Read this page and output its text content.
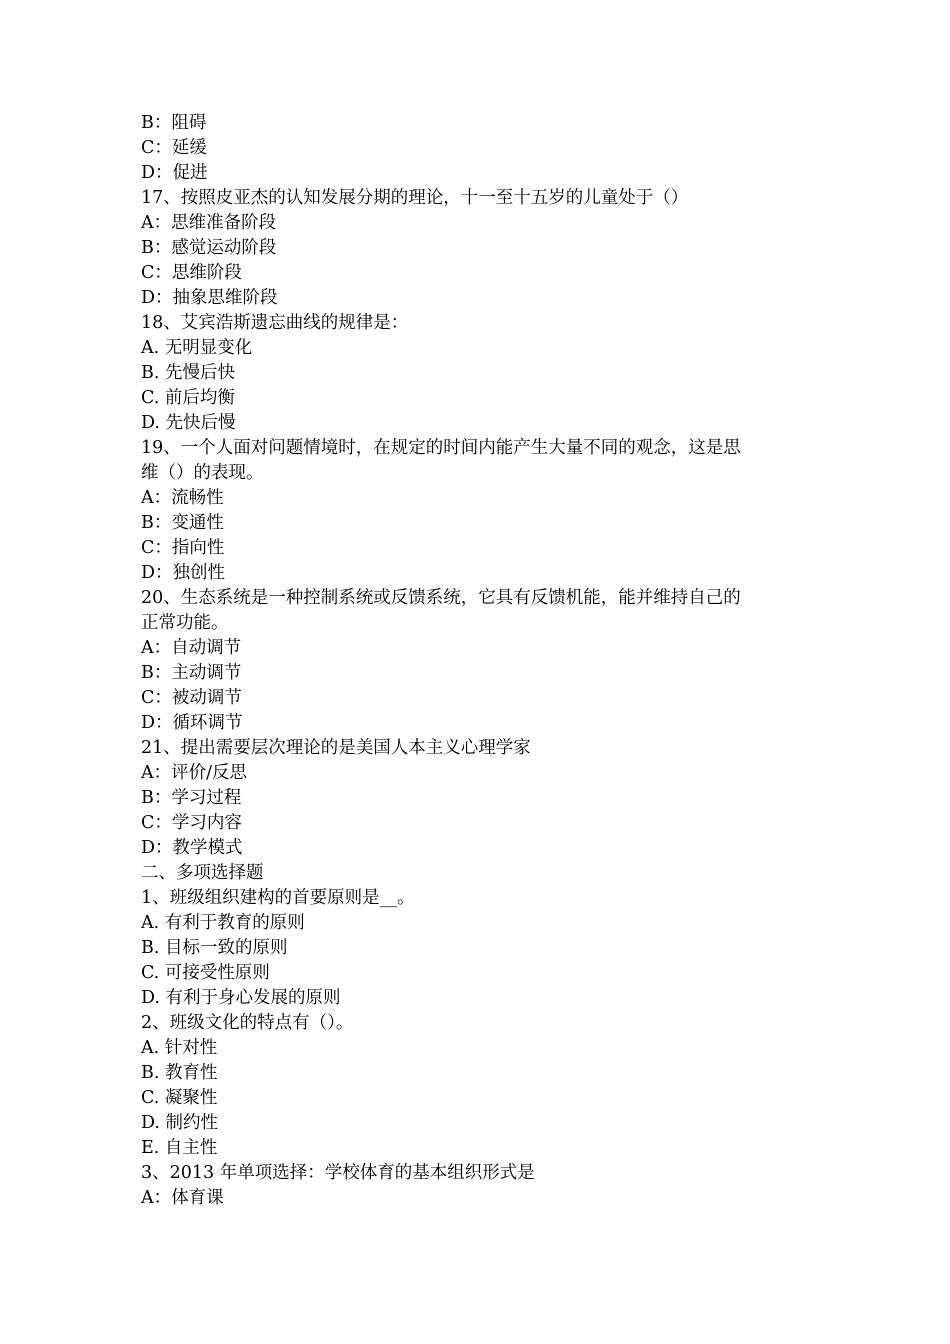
B：阻碍
C：延缓
D：促进
17、按照皮亚杰的认知发展分期的理论，十一至十五岁的儿童处于（）
A：思维准备阶段
B：感觉运动阶段
C：思维阶段
D：抽象思维阶段
18、艾宾浩斯遗忘曲线的规律是：
A. 无明显变化
B. 先慢后快
C. 前后均衡
D. 先快后慢
19、一个人面对问题情境时，在规定的时间内能产生大量不同的观念，这是思
维（）的表现。
A：流畅性
B：变通性
C：指向性
D：独创性
20、生态系统是一种控制系统或反馈系统，它具有反馈机能，能并维持自己的
正常功能。
A：自动调节
B：主动调节
C：被动调节
D：循环调节
21、提出需要层次理论的是美国人本主义心理学家
A：评价/反思
B：学习过程
C：学习内容
D：教学模式
二、多项选择题
1、班级组织建构的首要原则是__。
A. 有利于教育的原则
B. 目标一致的原则
C. 可接受性原则
D. 有利于身心发展的原则
2、班级文化的特点有（）。
A. 针对性
B. 教育性
C. 凝聚性
D. 制约性
E. 自主性
3、2013 年单项选择：学校体育的基本组织形式是
A：体育课
